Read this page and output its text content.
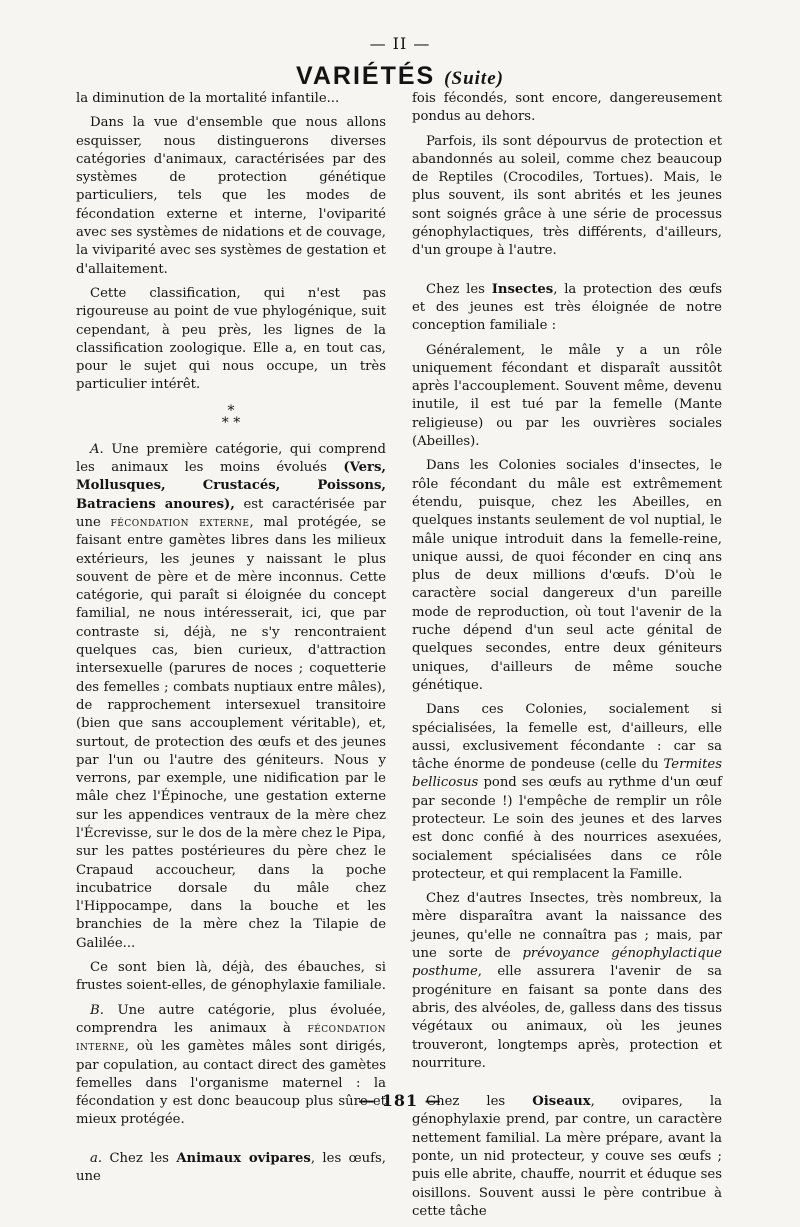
— II —
VARIÉTÉS (Suite)

la diminution de la mortalité infantile...

Dans la vue d'ensemble que nous allons esquisser, nous distinguerons diverses catégories d'animaux, caractérisées par des systèmes de protection génétique particuliers, tels que les modes de fécondation externe et interne, l'oviparité avec ses systèmes de nidations et de couvage, la viviparité avec ses systèmes de gestation et d'allaitement.

Cette classification, qui n'est pas rigoureuse au point de vue phylogénique, suit cependant, à peu près, les lignes de la classification zoologique. Elle a, en tout cas, pour le sujet qui nous occupe, un très particulier intérêt.

*
* *

A. Une première catégorie, qui comprend les animaux les moins évolués (Vers, Mollusques, Crustacés, Poissons, Batraciens anoures), est caractérisée par une fécondation externe, mal protégée, se faisant entre gamètes libres dans les milieux extérieurs, les jeunes y naissant le plus souvent de père et de mère inconnus. Cette catégorie, qui paraît si éloignée du concept familial, ne nous intéresserait, ici, que par contraste si, déjà, ne s'y rencontraient quelques cas, bien curieux, d'attraction intersexuelle (parures de noces ; coquetterie des femelles ; combats nuptiaux entre mâles), de rapprochement intersexuel transitoire (bien que sans accouplement véritable), et, surtout, de protection des œufs et des jeunes par l'un ou l'autre des géniteurs. Nous y verrons, par exemple, une nidification par le mâle chez l'Épinoche, une gestation externe sur les appendices ventraux de la mère chez l'Écrevisse, sur le dos de la mère chez le Pipa, sur les pattes postérieures du père chez le Crapaud accoucheur, dans la poche incubatrice dorsale du mâle chez l'Hippocampe, dans la bouche et les branchies de la mère chez la Tilapie de Galilée...

Ce sont bien là, déjà, des ébauches, si frustes soient-elles, de génophylaxie familiale.

B. Une autre catégorie, plus évoluée, comprendra les animaux à fécondation interne, où les gamètes mâles sont dirigés, par copulation, au contact direct des gamètes femelles dans l'organisme maternel : la fécondation y est donc beaucoup plus sûre et mieux protégée.

a. Chez les Animaux ovipares, les œufs, une

fois fécondés, sont encore, dangereusement pondus au dehors.

Parfois, ils sont dépourvus de protection et abandonnés au soleil, comme chez beaucoup de Reptiles (Crocodiles, Tortues). Mais, le plus souvent, ils sont abrités et les jeunes sont soignés grâce à une série de processus génophylactiques, très différents, d'ailleurs, d'un groupe à l'autre.

Chez les Insectes, la protection des œufs et des jeunes est très éloignée de notre conception familiale :

Généralement, le mâle y a un rôle uniquement fécondant et disparaît aussitôt après l'accouplement. Souvent même, devenu inutile, il est tué par la femelle (Mante religieuse) ou par les ouvrières sociales (Abeilles).

Dans les Colonies sociales d'insectes, le rôle fécondant du mâle est extrêmement étendu, puisque, chez les Abeilles, en quelques instants seulement de vol nuptial, le mâle unique introduit dans la femelle-reine, unique aussi, de quoi féconder en cinq ans plus de deux millions d'œufs. D'où le caractère social dangereux d'un pareille mode de reproduction, où tout l'avenir de la ruche dépend d'un seul acte génital de quelques secondes, entre deux géniteurs uniques, d'ailleurs de même souche génétique.

Dans ces Colonies, socialement si spécialisées, la femelle est, d'ailleurs, elle aussi, exclusivement fécondante : car sa tâche énorme de pondeuse (celle du Termites bellicosus pond ses œufs au rythme d'un œuf par seconde !) l'empêche de remplir un rôle protecteur. Le soin des jeunes et des larves est donc confié à des nourrices asexuées, socialement spécialisées dans ce rôle protecteur, et qui remplacent la Famille.

Chez d'autres Insectes, très nombreux, la mère disparaîtra avant la naissance des jeunes, qu'elle ne connaîtra pas ; mais, par une sorte de prévoyance génophylactique posthume, elle assurera l'avenir de sa progéniture en faisant sa ponte dans des abris, des alvéoles, de, galless dans des tissus végétaux ou animaux, où les jeunes trouveront, longtemps après, protection et nourriture.

Chez les Oiseaux, ovipares, la génophylaxie prend, par contre, un caractère nettement familial. La mère prépare, avant la ponte, un nid protecteur, y couve ses œufs ; puis elle abrite, chauffe, nourrit et éduque ses oisillons. Souvent aussi le père contribue à cette tâche

— 181 —
